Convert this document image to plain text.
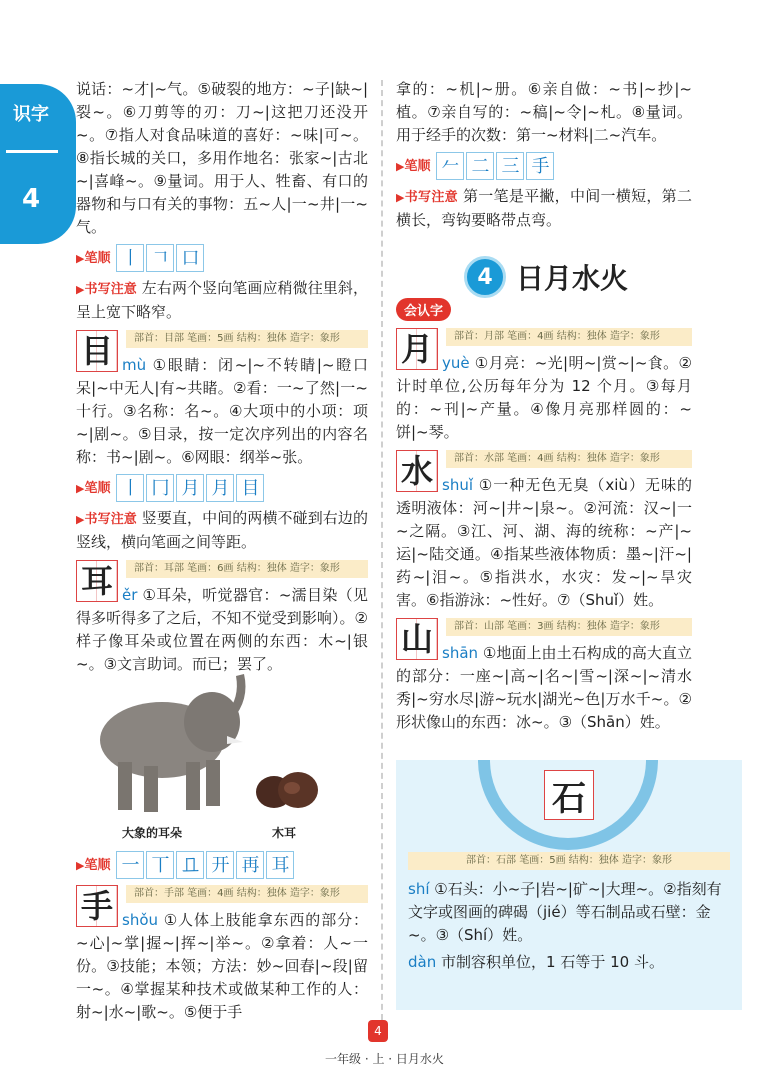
识字
4

说话：~才|~气。⑤破裂的地方：~子|缺~|裂~。⑥刀剪等的刃：刀~|这把刀还没开~。⑦指人对食品味道的喜好：~味|可~。⑧指长城的关口，多用作地名：张家~|古北~|喜峰~。⑨量词。用于人、牲畜、有口的器物和与口有关的事物：五~人|一~井|一~气。

▶ 笔顺 丨 𠃍 口

▶书写注意 左右两个竖向笔画应稍微往里斜，呈上宽下略窄。

目	部首：目部 笔画：5画 结构：独体 造字：象形

mù ①眼睛：闭~|~不转睛|~瞪口呆|~中无人|有~共睹。②看：一~了然|一~十行。③名称：名~。④大项中的小项：项~|剧~。⑤目录，按一定次序列出的内容名称：书~|剧~。⑥网眼：纲举~张。

▶ 笔顺 丨 冂 月 月 目

▶书写注意 竖要直，中间的两横不碰到右边的竖线，横向笔画之间等距。

耳	部首：耳部 笔画：6画 结构：独体 造字：象形

ěr ①耳朵，听觉器官：~濡目染（见得多听得多了之后，不知不觉受到影响）。②样子像耳朵或位置在两侧的东西：木~|银~。③文言助词。而已；罢了。

大象的耳朵	木耳
▶ 笔顺 一 丅 𠀃 开 再 耳
手	部首：手部 笔画：4画 结构：独体 造字：象形

shǒu ①人体上肢能拿东西的部分：~心|~掌|握~|挥~|举~。②拿着：人~一份。③技能；本领；方法：妙~回春|~段|留一~。④掌握某种技术或做某种工作的人：射~|水~|歌~。⑤便于手

拿的：~机|~册。⑥亲自做：~书|~抄|~植。⑦亲自写的：~稿|~令|~札。⑧量词。用于经手的次数：第一~材料|二~汽车。

▶ 笔顺 𠂉 二 三 手

▶书写注意 第一笔是平撇，中间一横短，第二横长，弯钩要略带点弯。

4 日月水火
会认字
月	部首：月部 笔画：4画 结构：独体 造字：象形

yuè ①月亮：~光|明~|赏~|~食。②计时单位,公历每年分为 12 个月。③每月的：~刊|~产量。④像月亮那样圆的：~饼|~琴。

水	部首：水部 笔画：4画 结构：独体 造字：象形

shuǐ ①一种无色无臭（xiù）无味的透明液体：河~|井~|泉~。②河流：汉~|一~之隔。③江、河、湖、海的统称：~产|~运|~陆交通。④指某些液体物质：墨~|汗~|药~|泪~。⑤指洪水，水灾：发~|~旱灾害。⑥指游泳：~性好。⑦（Shuǐ）姓。

山	部首：山部 笔画：3画 结构：独体 造字：象形

shān ①地面上由土石构成的高大直立的部分：一座~|高~|名~|雪~|深~|~清水秀|~穷水尽|游~玩水|湖光~色|万水千~。②形状像山的东西：冰~。③（Shān）姓。

石
部首：石部 笔画：5画 结构：独体 造字：象形

shí ①石头：小~子|岩~|矿~|大理~。②指刻有文字或图画的碑碣（jié）等石制品或石壁：金~。③（Shí）姓。

dàn 市制容积单位，1 石等于 10 斗。

4
一年级 · 上 · 日月水火
